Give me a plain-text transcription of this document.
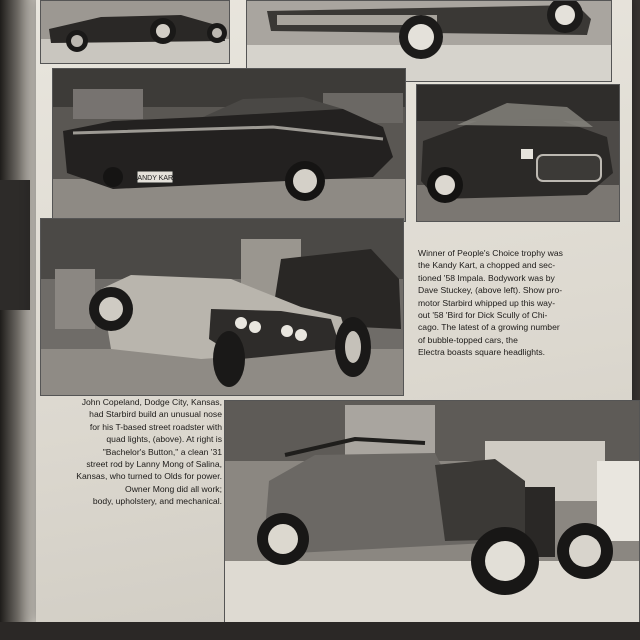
KANDY KART
Winner of People's Choice trophy was
the Kandy Kart, a chopped and sec-
tioned '58 Impala. Bodywork was by
Dave Stuckey, (above left). Show pro-
motor Starbird whipped up this way-
out '58 'Bird for Dick Scully of Chi-
cago. The latest of a growing number
of bubble-topped cars, the
Electra boasts square headlights.
John Copeland, Dodge City, Kansas,
had Starbird build an unusual nose
for his T-based street roadster with
quad lights, (above). At right is
"Bachelor's Button," a clean '31
street rod by Lanny Mong of Salina,
Kansas, who turned to Olds for power.
Owner Mong did all work;
body, upholstery, and mechanical.
